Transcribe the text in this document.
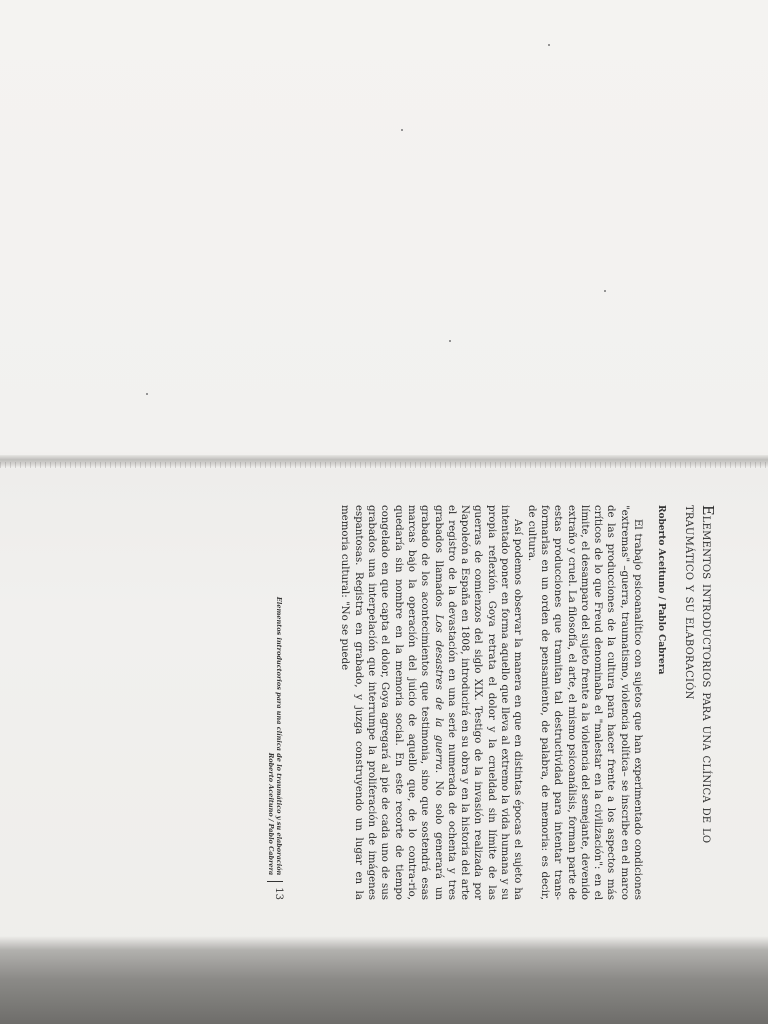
Elementos introductorios para una clínica de lo
traumático y su elaboración
Roberto Aceituno / Pablo Cabrera

El trabajo psicoanalítico con sujetos que han experimentado condiciones "extremas" –guerra, traumatismo, violencia política– se inscribe en el marco de las producciones de la cultura para hacer frente a los aspectos más críticos de lo que Freud denominaba el "malestar en la civilización": en el límite, el desamparo del sujeto frente a la violencia del semejante, devenido extraño y cruel. La filosofía, el arte, el mismo psicoanálisis, forman parte de estas producciones que tramitan tal destructividad para intentar trans-formarlas en un orden de pensamiento, de palabra, de memoria: es decir, de cultura.

Así podemos observar la manera en que en distintas épocas el sujeto ha intentado poner en forma aquello que lleva al extremo la vida humana y su propia reflexión. Goya retrata el dolor y la crueldad sin límite de las guerras de comienzos del siglo XIX. Testigo de la invasión realizada por Napoleón a España en 1808, introducirá en su obra y en la historia del arte el registro de la devastación en una serie numerada de ochenta y tres grabados llamados Los desastres de la guerra. No solo generará un grabado de los acontecimientos que testimonia, sino que sostendrá esas marcas bajo la operación del juicio de aquello que, de lo contra-rio, quedaría sin nombre en la memoria social. En este recorte de tiempo congelado en que capta el dolor, Goya agregará al pie de cada uno de sus grabados una interpelación que interrumpe la proliferación de imágenes espantosas. Registra en grabado, y juzga construyendo un lugar en la memoria cultural: "No se puede

Elementos introductorios para una clínica de lo traumático y su elaboración
Roberto Aceituno / Pablo Cabrera
13
